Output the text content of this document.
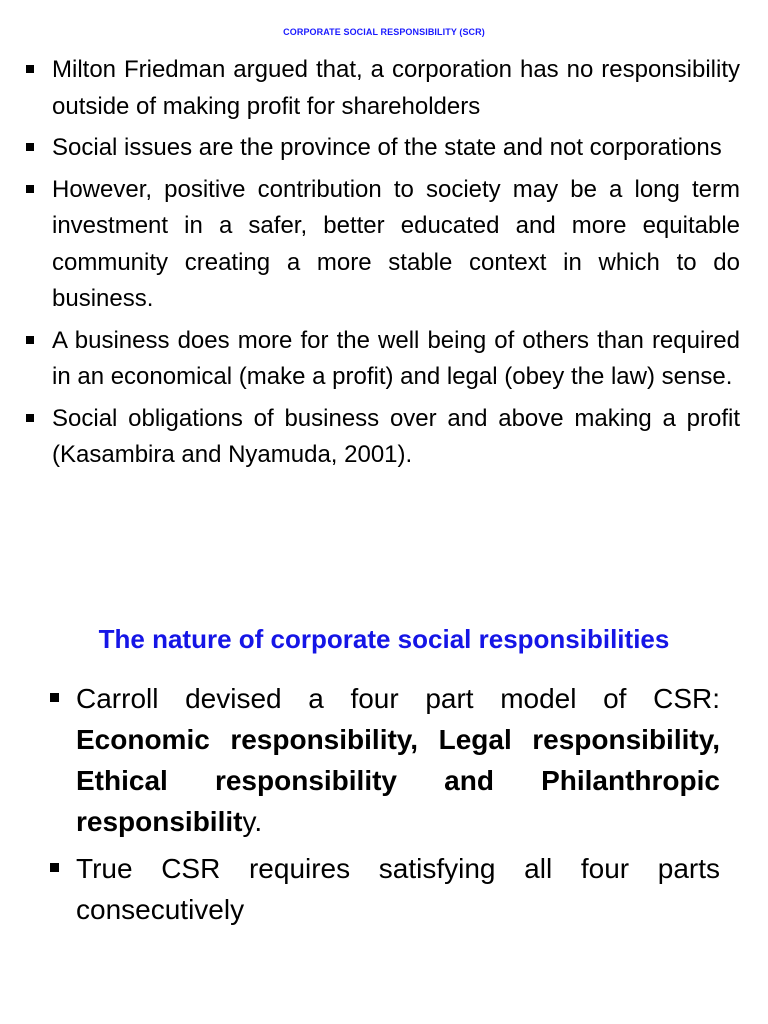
CORPORATE SOCIAL RESPONSIBILITY (SCR)
Milton Friedman argued that, a corporation has no responsibility outside of making profit for shareholders
Social issues are the province of the state and not corporations
However, positive contribution to society may be a long term investment in a safer, better educated and more equitable community creating a more stable context in which to do business.
A business does more for the well being of others than required in an economical (make a profit) and legal (obey the law) sense.
Social obligations of business over and above making a profit (Kasambira and Nyamuda, 2001).
The nature of corporate social responsibilities
Carroll devised a four part model of CSR: Economic responsibility, Legal responsibility, Ethical responsibility and Philanthropic responsibility.
True CSR requires satisfying all four parts consecutively
